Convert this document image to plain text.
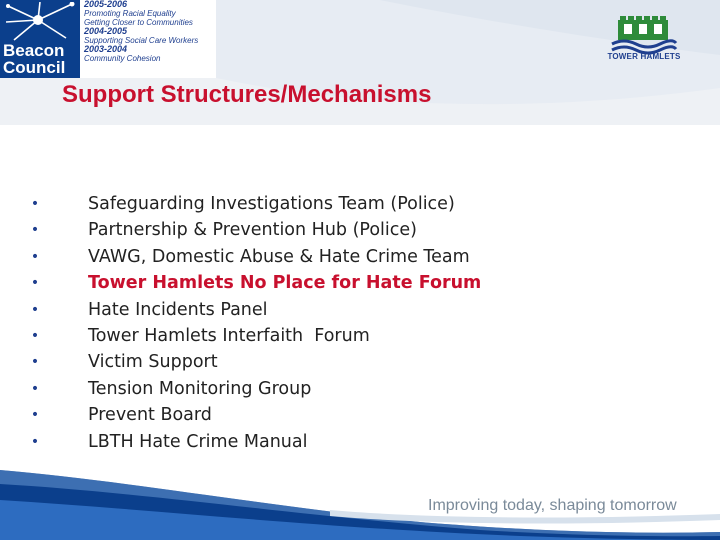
Beacon
Council
2005-2006
Promoting Racial Equality
Getting Closer to Communities
2004-2005
Supporting Social Care Workers
2003-2004
Community Cohesion	TOWER HAMLETS
Support Structures/Mechanisms
•	Safeguarding Investigations Team (Police)
•	Partnership & Prevention Hub (Police)
•	VAWG, Domestic Abuse & Hate Crime Team
•	Tower Hamlets No Place for Hate Forum
•	Hate Incidents Panel
•	Tower Hamlets Interfaith  Forum
•	Victim Support
•	Tension Monitoring Group
•	Prevent Board
•	LBTH Hate Crime Manual
Improving today, shaping tomorrow
